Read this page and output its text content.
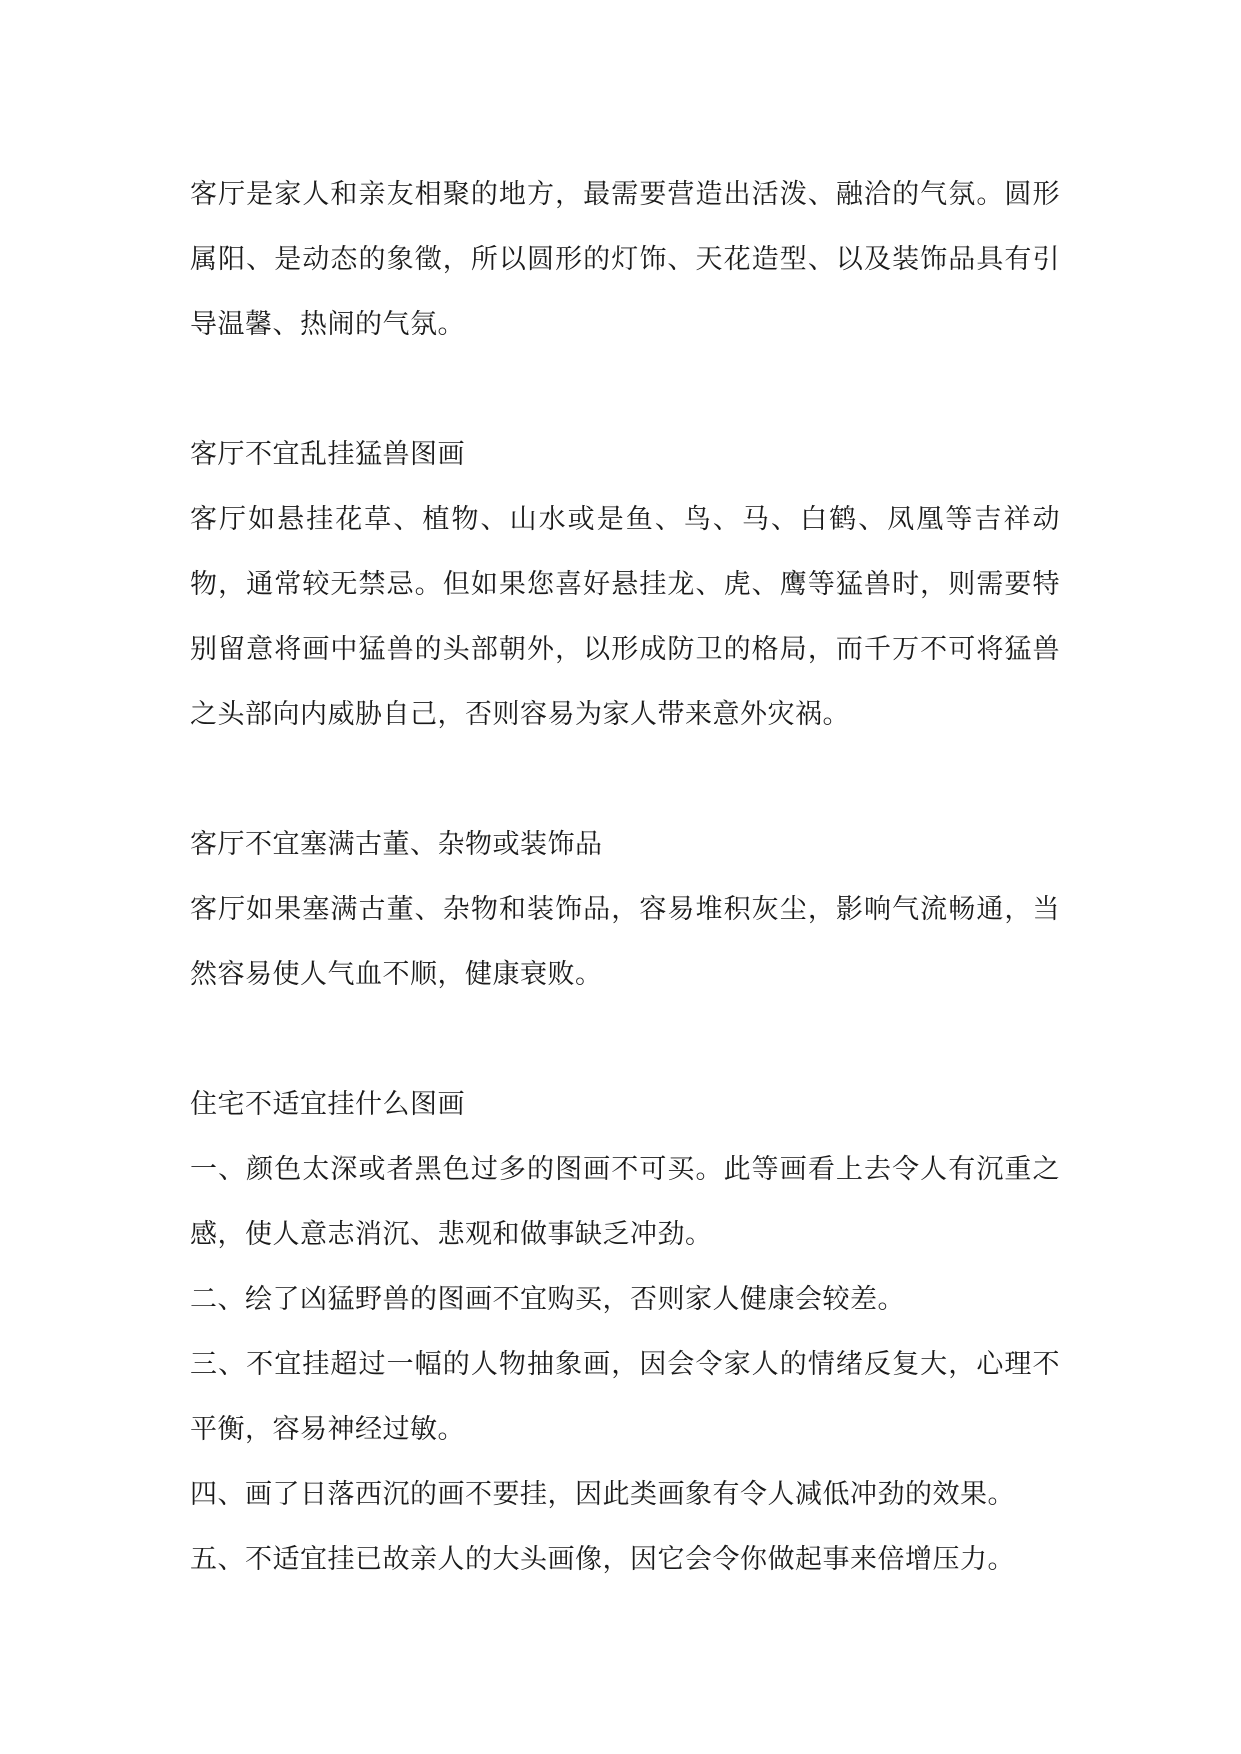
客厅是家人和亲友相聚的地方，最需要营造出活泼、融洽的气氛。圆形属阳、是动态的象徵，所以圆形的灯饰、天花造型、以及装饰品具有引导温馨、热闹的气氛。

客厅不宜乱挂猛兽图画

客厅如悬挂花草、植物、山水或是鱼、鸟、马、白鹤、凤凰等吉祥动物，通常较无禁忌。但如果您喜好悬挂龙、虎、鹰等猛兽时，则需要特别留意将画中猛兽的头部朝外，以形成防卫的格局，而千万不可将猛兽之头部向内威胁自己，否则容易为家人带来意外灾祸。

客厅不宜塞满古董、杂物或装饰品

客厅如果塞满古董、杂物和装饰品，容易堆积灰尘，影响气流畅通，当然容易使人气血不顺，健康衰败。

住宅不适宜挂什么图画

一、颜色太深或者黑色过多的图画不可买。此等画看上去令人有沉重之感，使人意志消沉、悲观和做事缺乏冲劲。

二、绘了凶猛野兽的图画不宜购买，否则家人健康会较差。

三、不宜挂超过一幅的人物抽象画，因会令家人的情绪反复大，心理不平衡，容易神经过敏。

四、画了日落西沉的画不要挂，因此类画象有令人减低冲劲的效果。

五、不适宜挂已故亲人的大头画像，因它会令你做起事来倍增压力。
